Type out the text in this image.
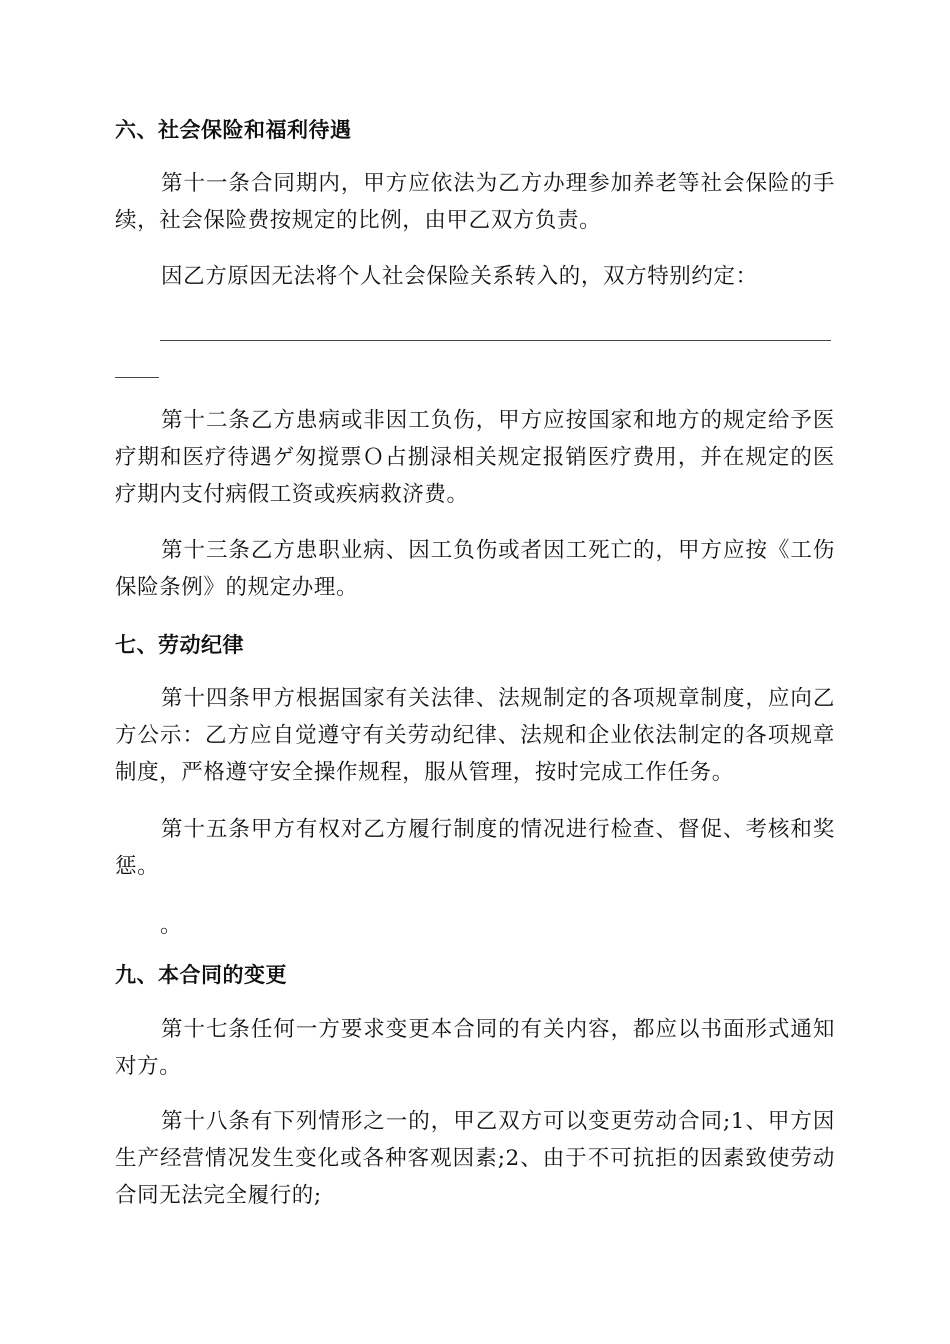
六、社会保险和福利待遇
第十一条合同期内，甲方应依法为乙方办理参加养老等社会保险的手续，社会保险费按规定的比例，由甲乙双方负责。
因乙方原因无法将个人社会保险关系转入的，双方特别约定：
第十二条乙方患病或非因工负伤，甲方应按国家和地方的规定给予医疗期和医疗待遇ゲ匆搅票Ｏ占捌渌相关规定报销医疗费用，并在规定的医疗期内支付病假工资或疾病救济费。
第十三条乙方患职业病、因工负伤或者因工死亡的，甲方应按《工伤保险条例》的规定办理。
七、劳动纪律
第十四条甲方根据国家有关法律、法规制定的各项规章制度，应向乙方公示：乙方应自觉遵守有关劳动纪律、法规和企业依法制定的各项规章制度，严格遵守安全操作规程，服从管理，按时完成工作任务。
第十五条甲方有权对乙方履行制度的情况进行检查、督促、考核和奖惩。
。
九、本合同的变更
第十七条任何一方要求变更本合同的有关内容，都应以书面形式通知对方。
第十八条有下列情形之一的，甲乙双方可以变更劳动合同;1、甲方因生产经营情况发生变化或各种客观因素;2、由于不可抗拒的因素致使劳动合同无法完全履行的;
